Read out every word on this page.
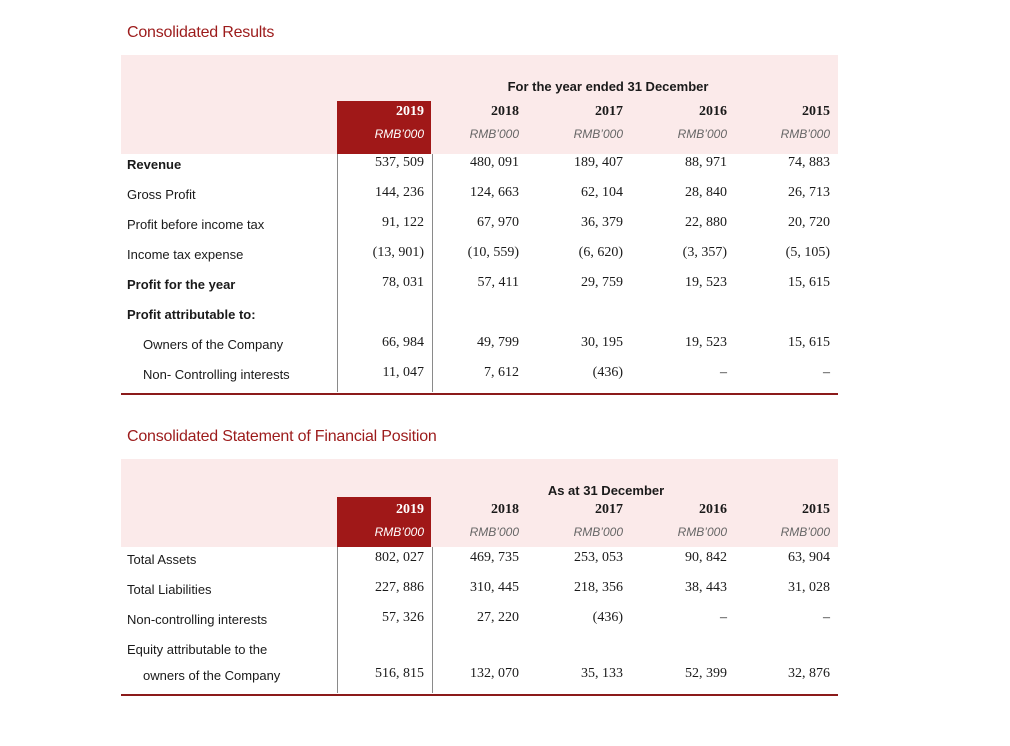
Consolidated Results
For the year ended 31 December
2019	2018	2017	2016	2015
RMB’000	RMB’000	RMB’000	RMB’000	RMB’000
Revenue	537, 509	480, 091	189, 407	88, 971	74, 883
Gross Profit	144, 236	124, 663	62, 104	28, 840	26, 713
Profit before income tax	91, 122	67, 970	36, 379	22, 880	20, 720
Income tax expense	(13, 901)	(10, 559)	(6, 620)	(3, 357)	(5, 105)
Profit for the year	78, 031	57, 411	29, 759	19, 523	15, 615
Profit attributable to:
Owners of the Company	66, 984	49, 799	30, 195	19, 523	15, 615
Non- Controlling interests	11, 047	7, 612	(436)	–	–
Consolidated Statement of Financial Position
As at 31 December
2019	2018	2017	2016	2015
RMB’000	RMB’000	RMB’000	RMB’000	RMB’000
Total Assets	802, 027	469, 735	253, 053	90, 842	63, 904
Total Liabilities	227, 886	310, 445	218, 356	38, 443	31, 028
Non-controlling interests	57, 326	27, 220	(436)	–	–
Equity attributable to the
owners of the Company	516, 815	132, 070	35, 133	52, 399	32, 876
